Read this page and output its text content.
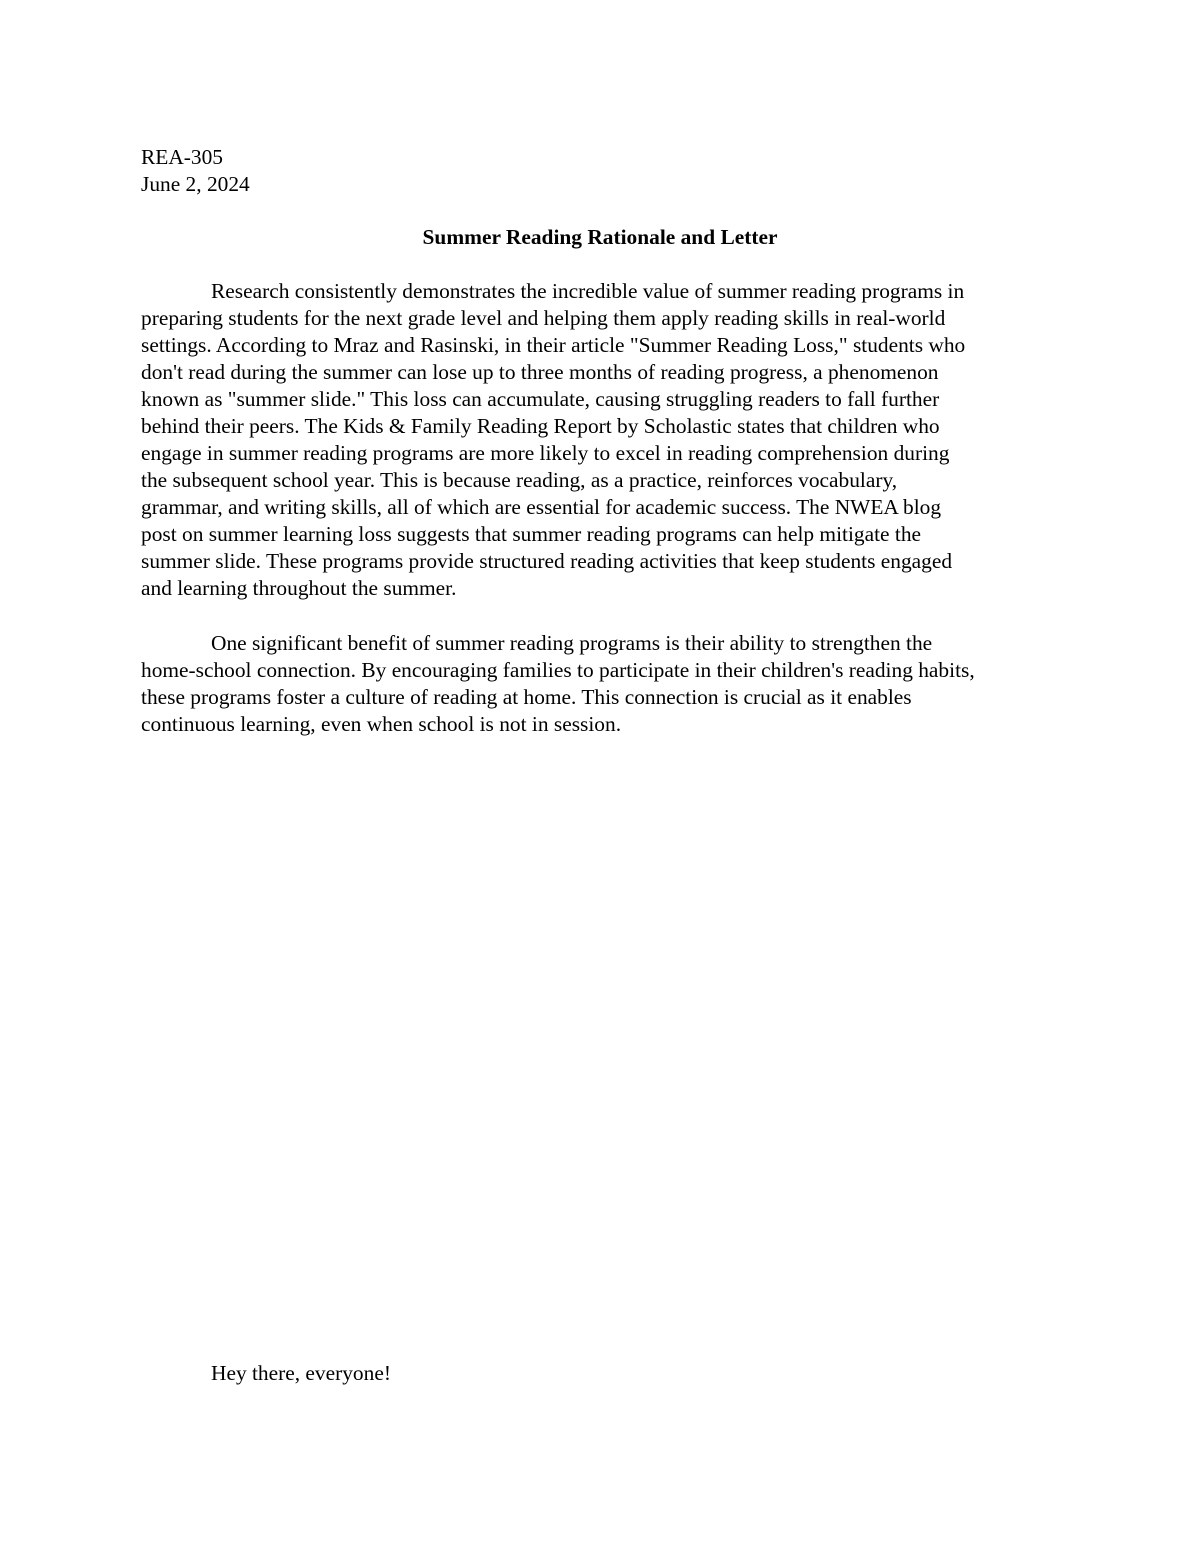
REA-305
June 2, 2024
Summer Reading Rationale and Letter
Research consistently demonstrates the incredible value of summer reading programs in
preparing students for the next grade level and helping them apply reading skills in real-world
settings. According to Mraz and Rasinski, in their article "Summer Reading Loss," students who
don't read during the summer can lose up to three months of reading progress, a phenomenon
known as "summer slide." This loss can accumulate, causing struggling readers to fall further
behind their peers. The Kids & Family Reading Report by Scholastic states that children who
engage in summer reading programs are more likely to excel in reading comprehension during
the subsequent school year. This is because reading, as a practice, reinforces vocabulary,
grammar, and writing skills, all of which are essential for academic success. The NWEA blog
post on summer learning loss suggests that summer reading programs can help mitigate the
summer slide. These programs provide structured reading activities that keep students engaged
and learning throughout the summer.
One significant benefit of summer reading programs is their ability to strengthen the
home-school connection. By encouraging families to participate in their children's reading habits,
these programs foster a culture of reading at home. This connection is crucial as it enables
continuous learning, even when school is not in session.
Hey there, everyone!
